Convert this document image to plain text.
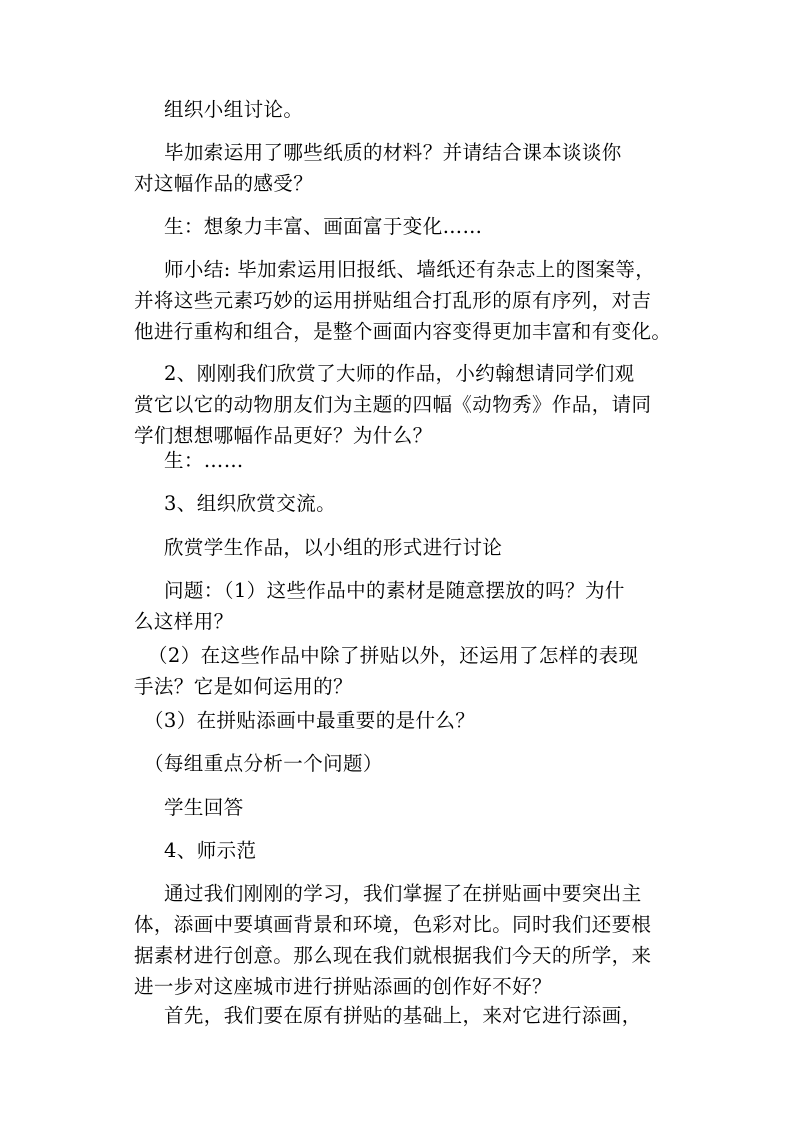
组织小组讨论。

毕加索运用了哪些纸质的材料？并请结合课本谈谈你
对这幅作品的感受？

生：想象力丰富、画面富于变化……

师小结: 毕加索运用旧报纸、墙纸还有杂志上的图案等，
并将这些元素巧妙的运用拼贴组合打乱形的原有序列，对吉
他进行重构和组合，是整个画面内容变得更加丰富和有变化。

2、刚刚我们欣赏了大师的作品，小约翰想请同学们观
赏它以它的动物朋友们为主题的四幅《动物秀》作品，请同
学们想想哪幅作品更好？为什么？

生：……

3、组织欣赏交流。

欣赏学生作品，以小组的形式进行讨论

问题：（1）这些作品中的素材是随意摆放的吗？为什
么这样用？

（2）在这些作品中除了拼贴以外，还运用了怎样的表现
手法？它是如何运用的？

（3）在拼贴添画中最重要的是什么？

（每组重点分析一个问题）

学生回答

4、师示范

通过我们刚刚的学习，我们掌握了在拼贴画中要突出主
体，添画中要填画背景和环境，色彩对比。同时我们还要根
据素材进行创意。那么现在我们就根据我们今天的所学，来
进一步对这座城市进行拼贴添画的创作好不好？

首先，我们要在原有拼贴的基础上，来对它进行添画，
